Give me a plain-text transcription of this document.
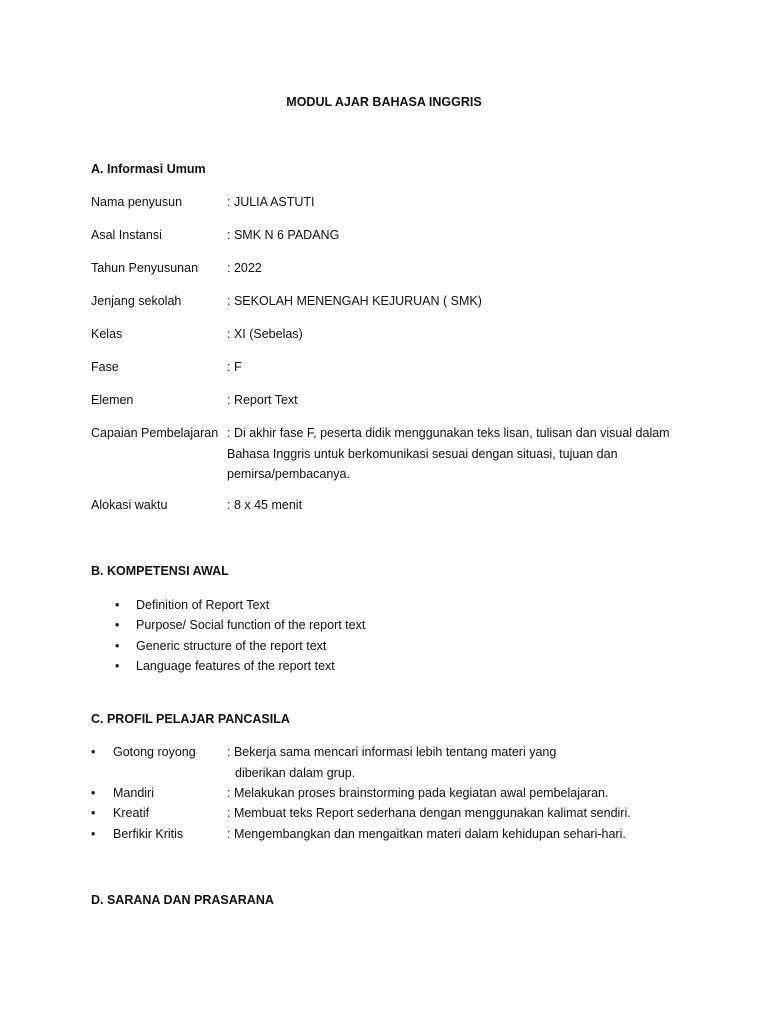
MODUL AJAR BAHASA INGGRIS
A. Informasi Umum
Nama penyusun	: JULIA ASTUTI
Asal Instansi	: SMK N 6 PADANG
Tahun Penyusunan : 2022
Jenjang sekolah	: SEKOLAH MENENGAH KEJURUAN ( SMK)
Kelas	: XI (Sebelas)
Fase	: F
Elemen	: Report Text
Capaian Pembelajaran : Di akhir fase F, peserta didik menggunakan teks lisan, tulisan dan visual dalam Bahasa Inggris untuk berkomunikasi sesuai dengan situasi, tujuan dan pemirsa/pembacanya.
Alokasi waktu	: 8 x 45 menit
B. KOMPETENSI AWAL
• Definition of Report Text
• Purpose/ Social function of the report text
• Generic structure of the report text
• Language features of the report text
C. PROFIL PELAJAR PANCASILA
• Gotong royong	: Bekerja sama mencari informasi lebih tentang materi yang
diberikan dalam grup.
• Mandiri	: Melakukan proses brainstorming pada kegiatan awal pembelajaran.
• Kreatif	: Membuat teks Report sederhana dengan menggunakan kalimat sendiri.
• Berfikir Kritis	: Mengembangkan dan mengaitkan materi dalam kehidupan sehari-hari.
D. SARANA DAN PRASARANA
